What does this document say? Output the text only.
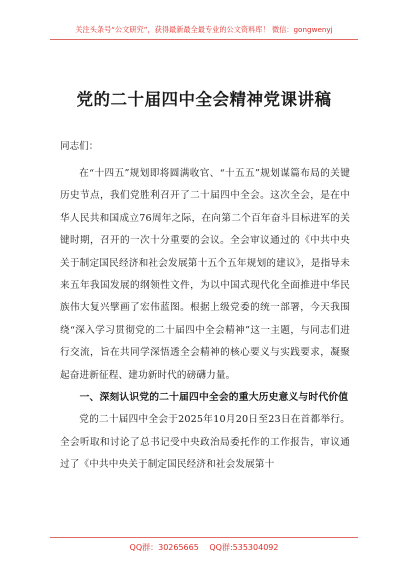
关注头条号“公文研究”，获得最新最全最专业的公文资料库！ 微信：gongwenyj
党的二十届四中全会精神党课讲稿
同志们：

在“十四五”规划即将圆满收官、“十五五”规划谋篇布局的关键历史节点，我们党胜利召开了二十届四中全会。这次全会，是在中华人民共和国成立76周年之际，在向第二个百年奋斗目标进军的关键时期，召开的一次十分重要的会议。全会审议通过的《中共中央关于制定国民经济和社会发展第十五个五年规划的建议》，是指导未来五年我国发展的纲领性文件，为以中国式现代化全面推进中华民族伟大复兴擘画了宏伟蓝图。根据上级党委的统一部署，今天我围绕“深入学习贯彻党的二十届四中全会精神”这一主题，与同志们进行交流，旨在共同学深悟透全会精神的核心要义与实践要求，凝聚起奋进新征程、建功新时代的磅礴力量。

一、深刻认识党的二十届四中全会的重大历史意义与时代价值

党的二十届四中全会于2025年10月20日至23日在首都举行。全会听取和讨论了总书记受中央政治局委托作的工作报告，审议通过了《中共中央关于制定国民经济和社会发展第十

QQ群：30265665 QQ群:535304092
